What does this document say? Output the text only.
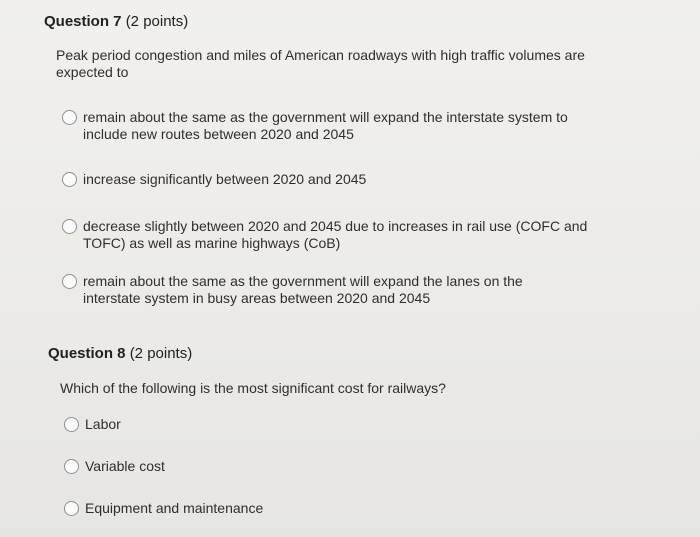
Question 7 (2 points)
Peak period congestion and miles of American roadways with high traffic volumes are expected to
remain about the same as the government will expand the interstate system to include new routes between 2020 and 2045
increase significantly between 2020 and 2045
decrease slightly between 2020 and 2045 due to increases in rail use (COFC and TOFC) as well as marine highways (CoB)
remain about the same as the government will expand the lanes on the interstate system in busy areas between 2020 and 2045
Question 8 (2 points)
Which of the following is the most significant cost for railways?
Labor
Variable cost
Equipment and maintenance
